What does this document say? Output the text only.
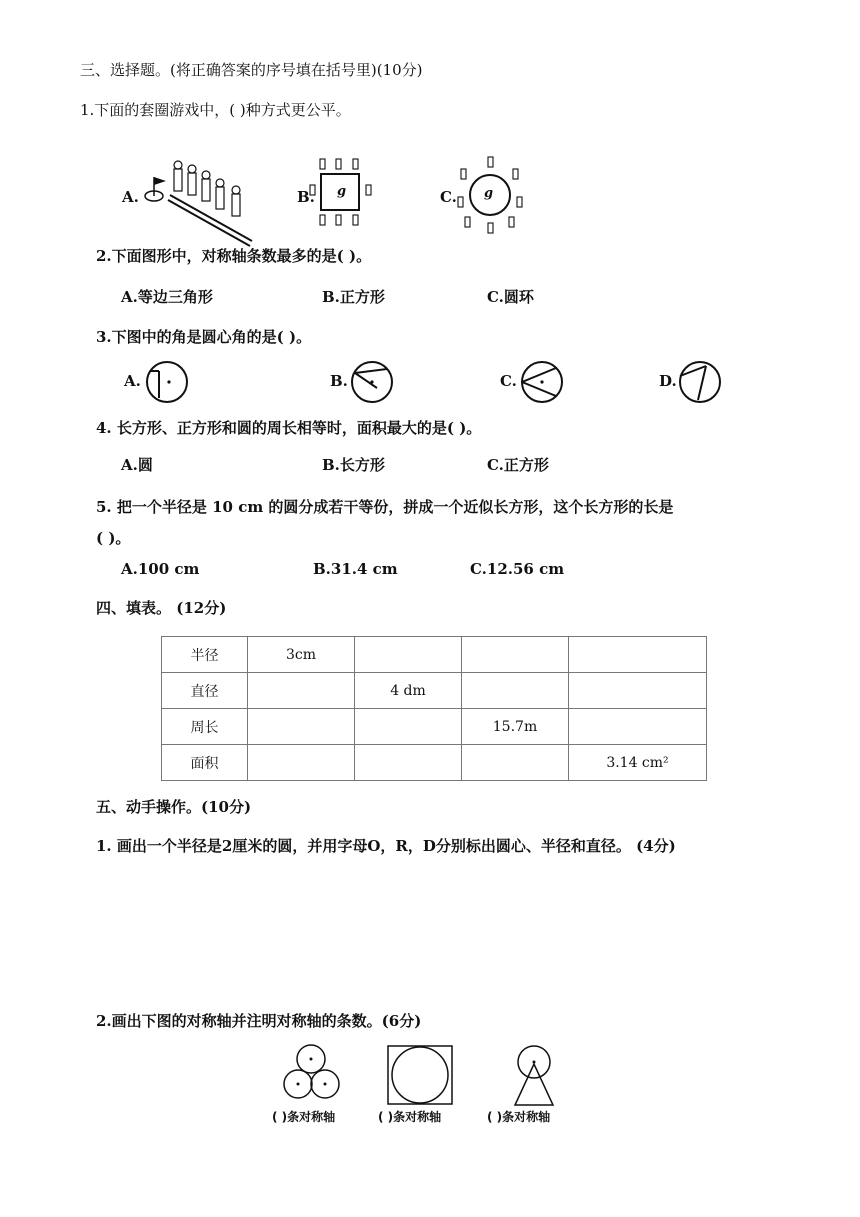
三、选择题。(将正确答案的序号填在括号里)(10分)
1.下面的套圈游戏中，( )种方式更公平。
A.	B. g	C. g
2.下面图形中，对称轴条数最多的是( )。
A.等边三角形	B.正方形	C.圆环
3.下图中的角是圆心角的是( )。
A.	B.	C.	D.
4. 长方形、正方形和圆的周长相等时，面积最大的是( )。
A.圆	B.长方形	C.正方形
5. 把一个半径是 10 cm 的圆分成若干等份，拼成一个近似长方形，这个长方形的长是
( )。
A.100 cm	B.31.4 cm	C.12.56 cm
四、填表。 (12分)
半径	3cm			
直径		4 dm		
周长			15.7m	
面积				3.14 cm²
五、动手操作。(10分)
1. 画出一个半径是2厘米的圆，并用字母O，R，D分别标出圆心、半径和直径。 (4分)
2.画出下图的对称轴并注明对称轴的条数。(6分)
( )条对称轴	( )条对称轴	( )条对称轴
